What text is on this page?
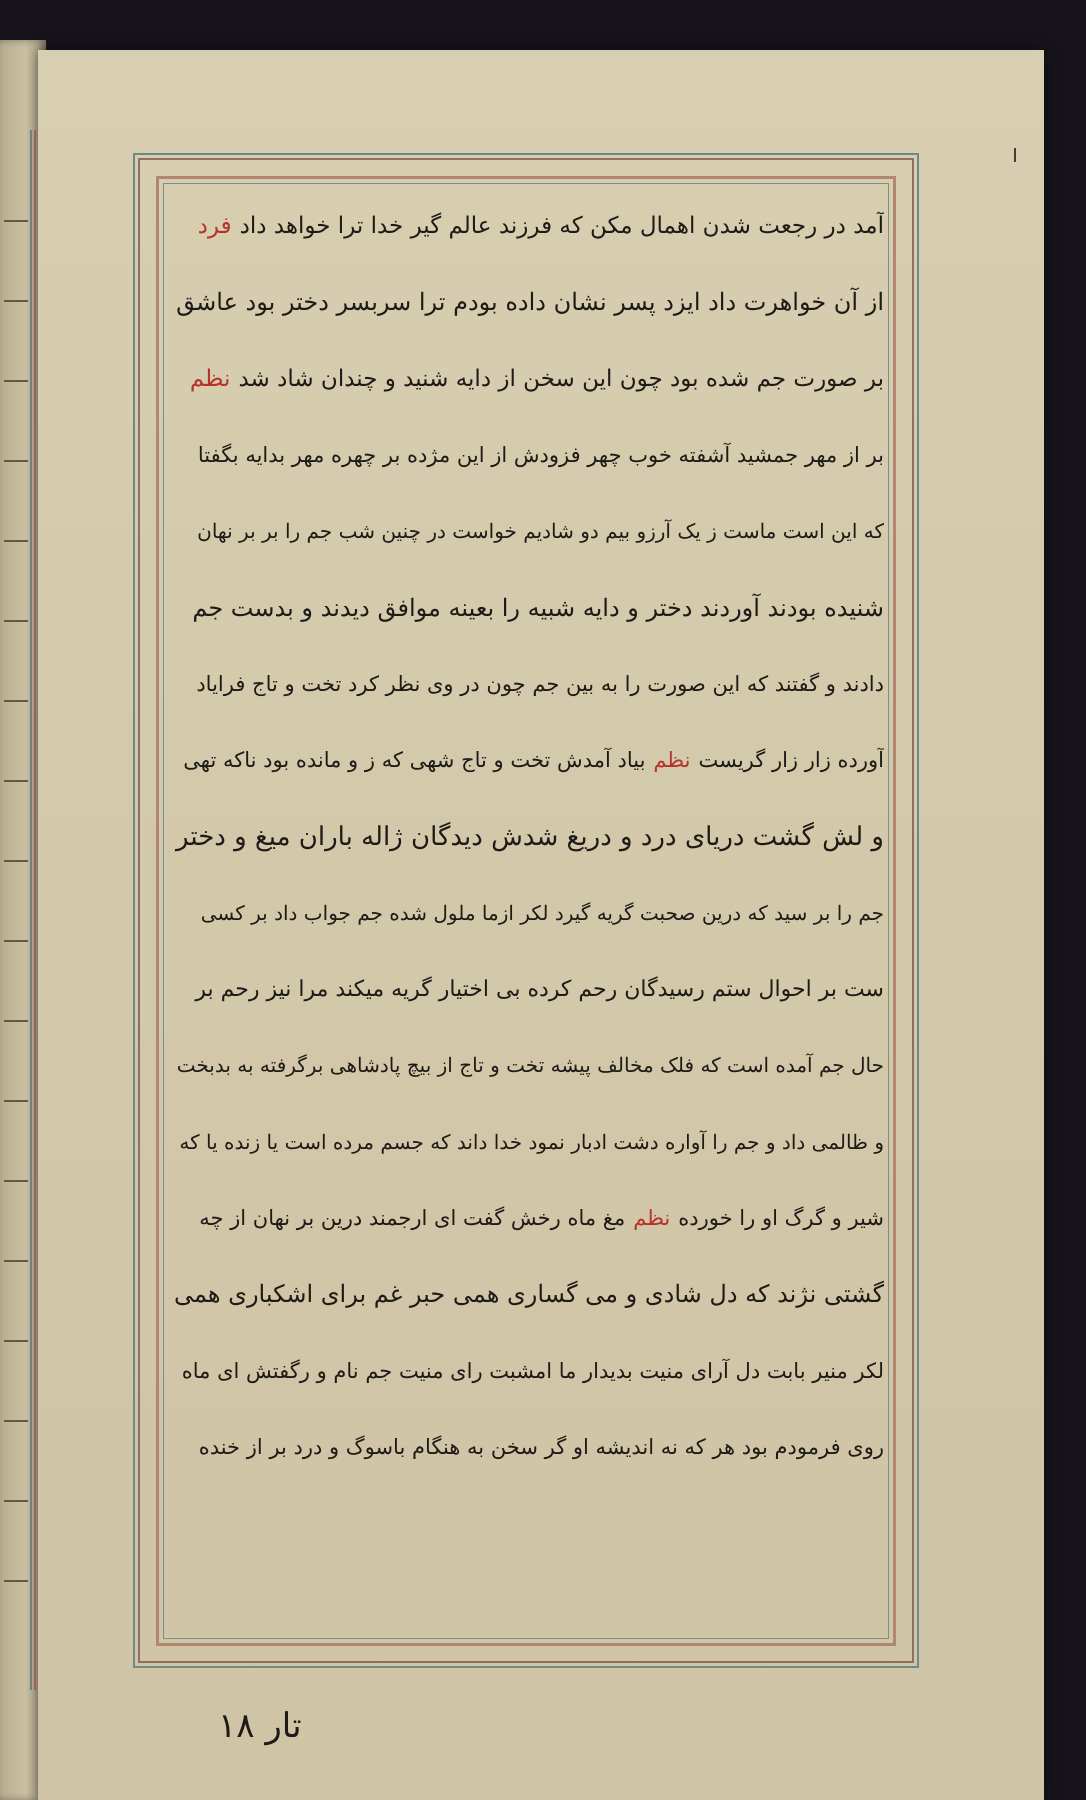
آمد در رجعت شدن اهمال مکن که فرزند عالم گیر خدا ترا خواهد داد
فرد
از آن خواهرت داد ایزد پسر نشان داده بودم ترا سربسر دختر بود عاشق
بر صورت جم شده بود چون این سخن از دایه شنید و چندان شاد شد
نظم
بر از مهر جمشید آشفته خوب چهر فزودش از این مژده بر چهره مهر بدایه بگفتا
که این است ماست ز یک آرزو بیم دو شادیم خواست در چنین شب جم را بر بر نهان
شنیده بودند آوردند دختر و دایه شبیه را بعینه موافق دیدند و بدست جم
دادند و گفتند که این صورت را به بین جم چون در وی نظر کرد تخت و تاج فرایاد
آورده زار زار گریست
نظم
بیاد آمدش تخت و تاج شهی که ز و مانده بود ناکه تهی
و لش گشت دریای درد و دریغ شدش دیدگان ژاله باران میغ و دختر
جم را بر سید که درین صحبت گریه گیرد لکر ازما ملول شده جم جواب داد بر کسی
ست بر احوال ستم رسیدگان رحم کرده بی اختیار گریه میکند مرا نیز رحم بر
حال جم آمده است که فلک مخالف پیشه تخت و تاج از بیچ پادشاهی برگرفته به بدبخت
و ظالمی داد و جم را آواره دشت ادبار نمود خدا داند که جسم مرده است یا زنده یا که
شیر و گرگ او را خورده
نظم
مغ ماه رخش گفت ای ارجمند درین بر نهان از چه
گشتی نژند که دل شادی و می گساری همی حبر غم برای اشکباری همی
لکر منیر بابت دل آرای منیت بدیدار ما امشبت رای منیت جم نام و رگفتش ای ماه
روی فرمودم بود هر که نه اندیشه او گر سخن به هنگام باسوگ و درد بر از خنده
تار ۱۸
